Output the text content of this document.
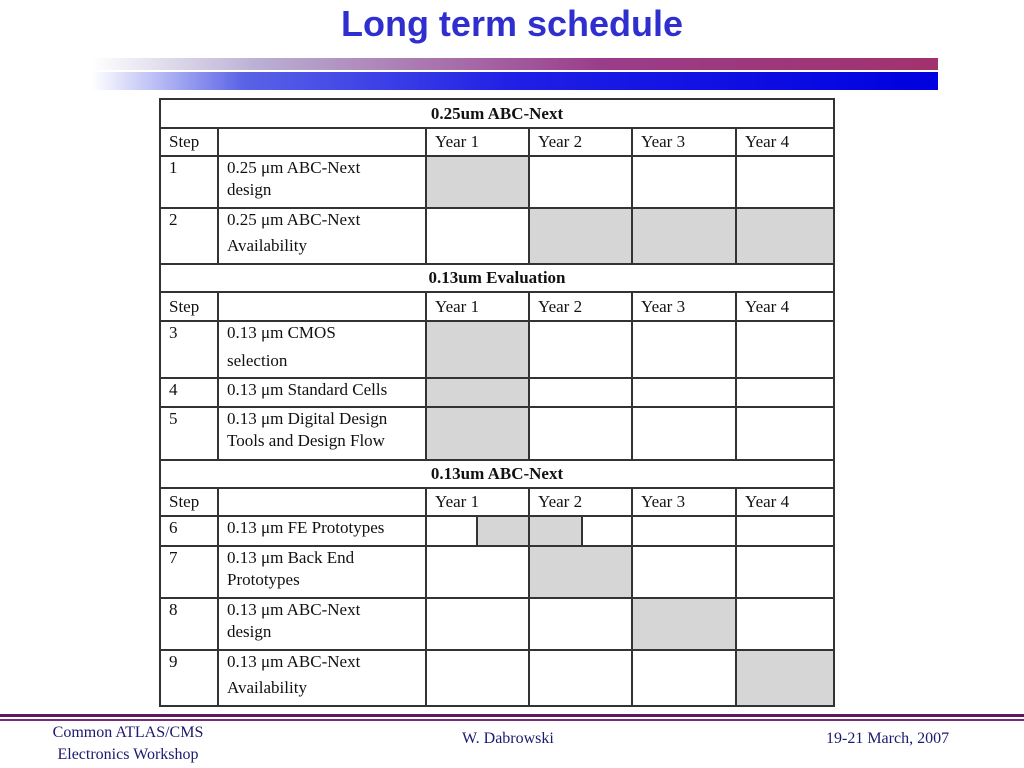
Long term schedule
0.25um ABC-Next					
Step		Year 1	Year 2	Year 3	Year 4
1	0.25 μm ABC-Next
design				

2	0.25 μm ABC-Next
Availability				

0.13um Evaluation					
Step		Year 1	Year 2	Year 3	Year 4
3	0.13 μm CMOS
selection				

4	0.13 μm Standard Cells				

5	0.13 μm Digital Design
Tools and Design Flow				

0.13um ABC-Next					
Step		Year 1	Year 2	Year 3	Year 4
6	0.13 μm FE Prototypes				

7	0.13 μm Back End
Prototypes				

8	0.13 μm ABC-Next
design				

9	0.13 μm ABC-Next
Availability				

Common ATLAS/CMS
Electronics Workshop
W. Dabrowski	19-21 March, 2007
